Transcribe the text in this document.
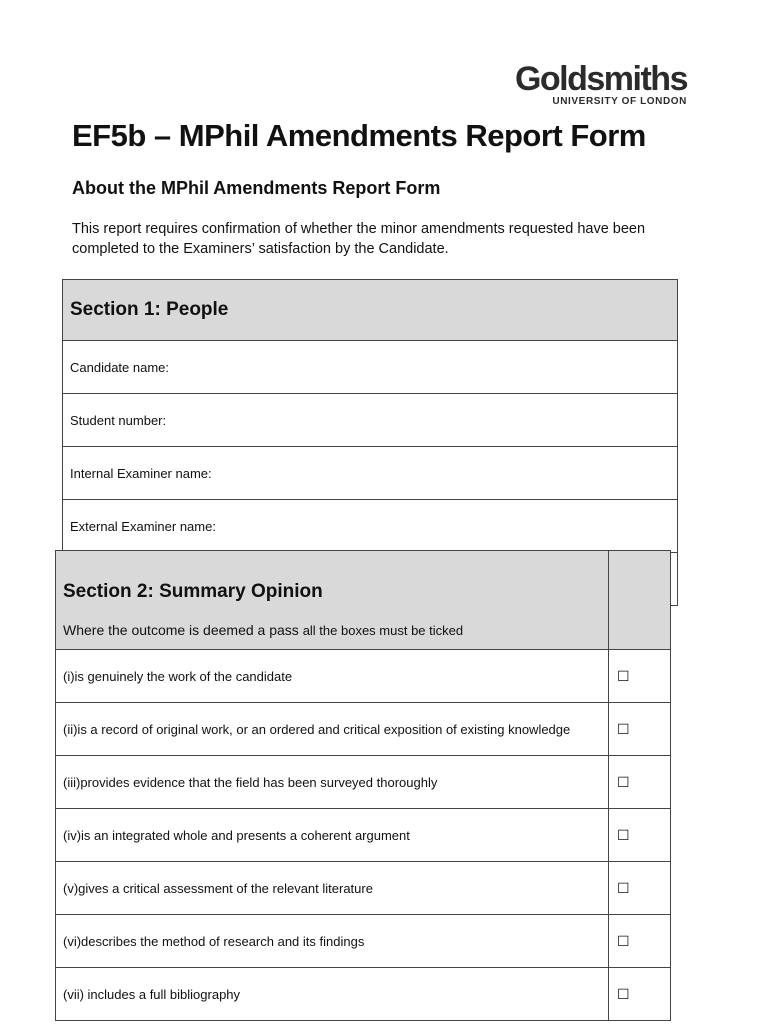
Goldsmiths
UNIVERSITY OF LONDON
EF5b – MPhil Amendments Report Form
About the MPhil Amendments Report Form

This report requires confirmation of whether the minor amendments requested have been completed to the Examiners’ satisfaction by the Candidate.

Section 1: People
Candidate name:
Student number:
Internal Examiner name:
External Examiner name:

Section 2: Summary Opinion
Where the outcome is deemed a pass all the boxes must be ticked	

(i)is genuinely the work of the candidate	☐
(ii)is a record of original work, or an ordered and critical exposition of existing knowledge	☐
(iii)provides evidence that the field has been surveyed thoroughly	☐
(iv)is an integrated whole and presents a coherent argument	☐
(v)gives a critical assessment of the relevant literature	☐
(vi)describes the method of research and its findings	☐
(vii) includes a full bibliography	☐
